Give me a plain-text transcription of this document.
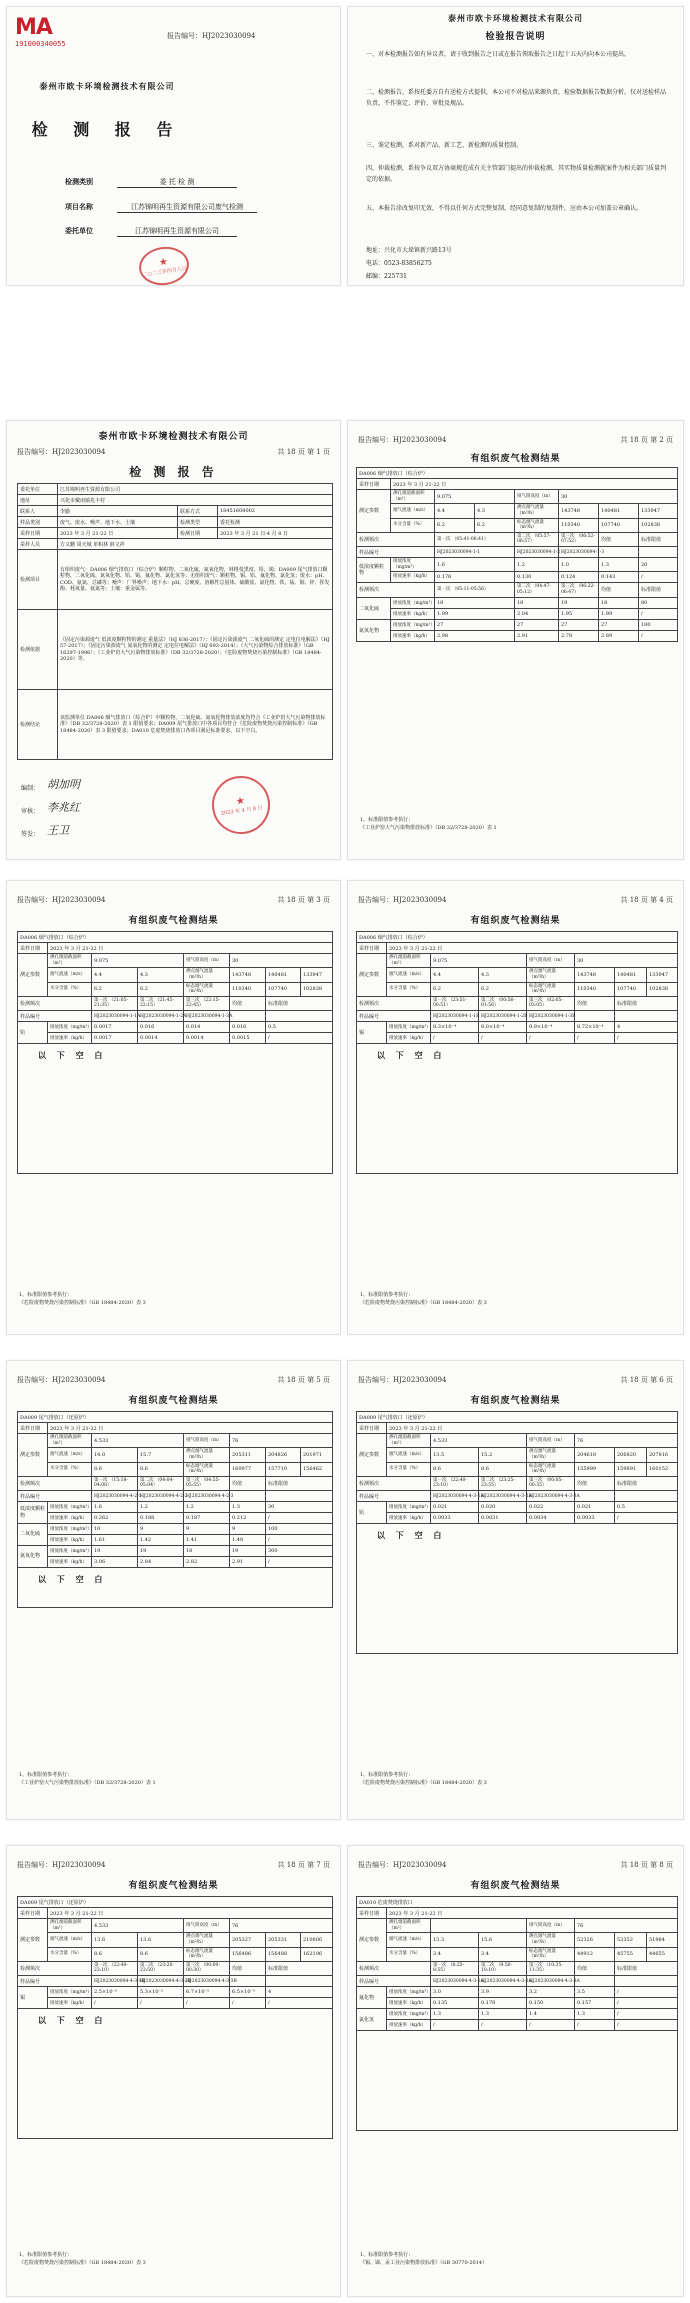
MA
191000340055
报告编号：HJ2023030094
泰州市欧卡环境检测技术有限公司
检 测 报 告
检测类别	委 托 检 测
项目名称	江苏锦明再生资源有限公司废气检测
委托单位	江苏锦明再生资源有限公司
★
二○二三年四月八日
泰州市欧卡环境检测技术有限公司
检验报告说明
一、对本检测报告如有异议者，请于收到报告之日或在报告领取报告之日起十五天内向本公司提出。
二、检测报告，系按托委方自有送检方式提供，本公司不对检品来源负责，检验数据报告数据分析，仅对送检样品负责，不作鉴定、评价、审批及规品。
三、鉴定检测，系对新产品、新工艺、新检测的质量控制。
四、仲裁检测，系按争议双方协商规范成有关主管部门提出的仲裁检测，其实物质量检测就案件为相关部门质量判定的依据。
五、本报告涂改复印无效，不得以任何方式完整复制，经同意复制的复制件，应由本公司加盖公章确认。
地址：兴化市大垛镇新兴路13号
电话：0523-83856275
邮编：225731
泰州市欧卡环境检测技术有限公司
报告编号：HJ2023030094	共 18 页 第 1 页
检 测 报 告
委托单位	江苏锦明再生资源有限公司		
地址	兴化市戴南镇兆丰村		
联系人	李勤	联系方式	18451608002
样品类别	废气、废水、噪声、地下水、土壤	检测类型	委托检测
采样日期	2023 年 3 月 21-22 日	检测日期	2023 年 3 月 21 日-4 月 8 日
采样人员	方义鹏 周天城 单积林 薛文祥		
检测项目	有组织废气：DA006 烟气排放口（综合炉）颗粒物、二氧化硫、氮氧化物、林格曼黑度、铅、锡；DA009 尾气排放口颗粒物、二氧化硫、氮氧化物、铅、锡、氟化物、氯化氢等；无组织废气：颗粒物、锡、铅、氟化物、氯化氢；废水：pH、COD、氨氮、总磷等；噪声：厂界噪声；地下水：pH、总硬度、溶解性总固体、硫酸盐、氯化物、铁、锰、铜、锌、挥发酚、耗氧量、氨氮等；土壤：重金属等。		
检测依据	《固定污染源废气 低浓度颗粒物的测定 重量法》（HJ 836-2017）；《固定污染源废气 二氧化硫的测定 定电位电解法》（HJ 57-2017）；《固定污染源废气 氮氧化物的测定 定电位电解法》（HJ 693-2014）；《大气污染物综合排放标准》（GB 16297-1996）；《工业炉窑大气污染物排放标准》（DB 32/3728-2020）；《危险废物焚烧污染控制标准》（GB 18484-2020）等。		
检测结论	该监测单位 DA006 烟气排放口（综合炉）中颗粒物、二氧化硫、氮氧化物排放浓度均符合《工业炉窑大气污染物排放标准》（DB 32/3728-2020）表 1 限值要求；DA009 尾气排放口中各项目均符合《危险废物焚烧污染控制标准》（GB 18484-2020）表 3 限值要求；DA010 危废焚烧排放口各项目满足标准要求。以下空白。		
编制： 胡加明
审核： 李兆红
签发： 王卫
★
2023 年 4 月 8 日
报告编号：HJ2023030094	共 18 页 第 2 页
有组织废气检测结果
DA006 烟气排放口（综合炉）							
采样日期	2023 年 3 月 21-22 日						
测定参数	测孔烟道截面积（m²）	9.075		排气筒高度（m）	30		
	烟气流速（m/s）	4.4	4.3	测点烟气流量（m³/h）	143748	140481	133947
	水分含量（%）	6.2	6.2	标态烟气流量（m³/h）	110340	107740	102838
检测频次		第一次 （05:41-06:41）		第二次 （05:57-06:57）	第三次 （06:52-07:52）	均值	标准限值
样品编号		HJ2023030094-1-1		HJ2023030094-1-2	HJ2023030094-1-3		
低浓度颗粒物	排放浓度（mg/m³）	1.6		1.2	1.0	1.3	20
	排放速率（kg/h）	0.176		0.130	0.124	0.143	/
检测频次		第一次 （05:11-05:56）		第二次 （04:47-05:12）	第三次 （06:22-06:47）	均值	标准限值
二氧化硫	排放浓度（mg/m³）	18		18	19	18	80
	排放速率（kg/h）	1.99		2.04	1.95	1.99	/
氮氧化物	排放浓度（mg/m³）	27		27	27	27	180
	排放速率（kg/h）	2.98		2.91	2.78	2.89	/
1、标准限值参考执行：
《工业炉窑大气污染物排放标准》（DB 32/3728-2020）表 1
报告编号：HJ2023030094	共 18 页 第 3 页
有组织废气检测结果
DA006 烟气排放口（综合炉）							
采样日期	2023 年 3 月 21-22 日						
测定参数	测孔烟道截面积（m²）	9.075		排气筒高度（m）	30		
	烟气流速（m/s）	4.4	4.3	测点烟气流量（m³/h）	143748	140481	133947
	水分含量（%）	6.2	6.2	标态烟气流量（m³/h）	110340	107740	102838
检测频次		第一次 （21:05-21:35）	第二次 （21:45-22:15）	第三次 （22:15-22:45）	均值	标准限值	
样品编号		HJ2023030094-1-1A	HJ2023030094-1-2A	HJ2023030094-1-3A			
铅	排放浓度（mg/m³）	0.0017	0.016	0.014	0.016	0.5	
	排放速率（kg/h）	0.0017	0.0014	0.0014	0.0015	/	

以 下 空 白							
1、标准限值参考执行：
《危险废物焚烧污染控制标准》（GB 18484-2020）表 3
报告编号：HJ2023030094	共 18 页 第 4 页
有组织废气检测结果
DA006 烟气排放口（综合炉）							
采样日期	2023 年 3 月 21-22 日						
测定参数	测孔烟道截面积（m²）	9.075		排气筒高度（m）	30		
	烟气流速（m/s）	4.4	4.3	测点烟气流量（m³/h）	143748	140481	133947
	水分含量（%）	6.2	6.2	标态烟气流量（m³/h）	110340	107740	102838
检测频次		第一次 （23:51-00:51）	第二次 （00:56-01:56）	第三次 （02:05-03:05）	均值	标准限值	
样品编号		HJ2023030094-1-1B	HJ2023030094-1-2B	HJ2023030094-1-3B			
锡	排放浓度（mg/m³）	8.3×10⁻⁴	8.0×10⁻⁴	9.9×10⁻⁴	8.72×10⁻⁴	4	
	排放速率（kg/h）	/	/	/	/	/	

以 下 空 白							
1、标准限值参考执行：
《危险废物焚烧污染控制标准》（GB 18484-2020）表 3
报告编号：HJ2023030094	共 18 页 第 5 页
有组织废气检测结果
DA009 尾气排放口（还原炉）							
采样日期	2023 年 3 月 21-22 日						
测定参数	测孔烟道截面积（m²）	4.533		排气筒高度（m）	76		
	烟气流速（m/s）	14.0	15.7	测点烟气流量（m³/h）	205311	204826	201971
	水分含量（%）	8.6	8.6	标态烟气流量（m³/h）	160977	157710	156462
检测频次		第一次 （15:18-04:08）	第二次 （04:04-05:04）	第三次 （04:55-05:55）	均值	标准限值	
样品编号		HJ2023030094-4-2-1	HJ2023030094-4-2-2	HJ2023030094-4-2-3			
低浓度颗粒物	排放浓度（mg/m³）	1.6	1.2	1.2	1.3	30	
	排放速率（kg/h）	0.262	0.188	0.187	0.212	/	
二氧化硫	排放浓度（mg/m³）	10	9	9	9	100	
	排放速率（kg/h）	1.61	1.42	1.41	1.48	/	
氮氧化物	排放浓度（mg/m³）	19	19	18	19	300	
	排放速率（kg/h）	3.06	2.84	2.82	2.91	/	

以 下 空 白							
1、标准限值参考执行：
《工业炉窑大气污染物排放标准》（DB 32/3728-2020）表 1
报告编号：HJ2023030094	共 18 页 第 6 页
有组织废气检测结果
DA009 尾气排放口（还原炉）							
采样日期	2023 年 3 月 21-22 日						
测定参数	测孔烟道截面积（m²）	4.533		排气筒高度（m）	76		
	烟气流速（m/s）	13.5	15.2	测点烟气流量（m³/h）	204618	206820	207816
	水分含量（%）	8.6	8.6	标态烟气流量（m³/h）	155999	159891	160152
检测频次		第一次 （22:40-23:10）	第二次 （23:25-23:55）	第三次 （00:05-00:35）	均值	标准限值	
样品编号		HJ2023030094-4-3-1A	HJ2023030094-4-3-2A	HJ2023030094-4-3-3A			
铅	排放浓度（mg/m³）	0.021	0.020	0.022	0.021	0.5	
	排放速率（kg/h）	0.0033	0.0031	0.0034	0.0033	/	

以 下 空 白							
1、标准限值参考执行：
《危险废物焚烧污染控制标准》（GB 18484-2020）表 3
报告编号：HJ2023030094	共 18 页 第 7 页
有组织废气检测结果
DA009 尾气排放口（还原炉）							
采样日期	2023 年 3 月 21-22 日						
测定参数	测孔烟道截面积（m²）	4.533		排气筒高度（m）	76		
	烟气流速（m/s）	13.6	13.6	测点烟气流量（m³/h）	205327	205331	210806
	水分含量（%）	8.6	8.6	标态烟气流量（m³/h）	156486	156488	162196
检测频次		第一次 （22:40-23:10）	第二次 （23:20-23:50）	第三次 （00:00-00:30）	均值	标准限值	
样品编号		HJ2023030094-4-3-1B	HJ2023030094-4-3-2B	HJ2023030094-4-3-3B			
锡	排放浓度（mg/m³）	2.5×10⁻⁵	5.3×10⁻⁵	6.7×10⁻⁵	6.5×10⁻⁵	4	
	排放速率（kg/h）	/	/	/	/	/	

以 下 空 白							
1、标准限值参考执行：
《危险废物焚烧污染控制标准》（GB 18484-2020）表 3
报告编号：HJ2023030094	共 18 页 第 8 页
有组织废气检测结果
DA010 危废焚烧排放口							
采样日期	2023 年 3 月 21-22 日						
测定参数	测孔烟道截面积（m²）			排气筒高度（m）	76		
	烟气流速（m/s）	13.3	15.6	测点烟气流量（m³/h）	52326	53352	51984
	水分含量（%）	3.4	3.4	标态烟气流量（m³/h）	44912	45755	44655
检测频次		第一次 （8:25-8:55）	第二次 （9:50-10:10）	第三次 （10:35-11:35）	均值	标准限值	
样品编号		HJ2023030094-4-3-1A	HJ2023030094-4-3-2A	HJ2023030094-4-3-3A			
氟化物	排放浓度（mg/m³）	3.0	3.9	3.2	3.5	/	
	排放速率（kg/h）	0.135	0.178	0.150	0.157	/	
氯化氢	排放浓度（mg/m³）	1.3	1.3	1.4	1.3	/	
	排放速率（kg/h）	/	/	/	/	/	

1、标准限值参考执行：
《锡、锑、汞工业污染物排放标准》（GB 30770-2014）
